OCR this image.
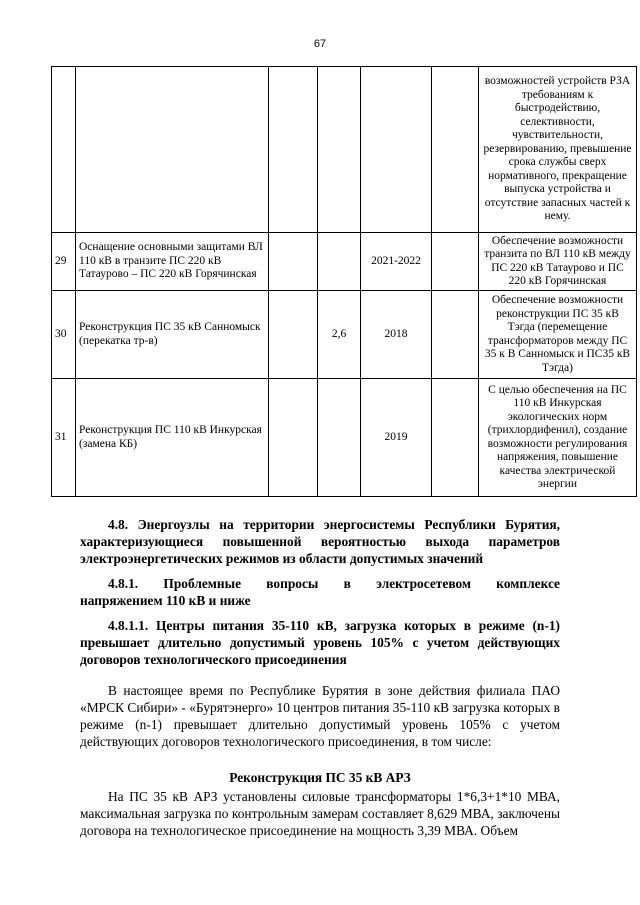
67
						возможностей устройств РЗА требованиям к быстродействию, селективности, чувствительности, резервированию, превышение срока службы сверх нормативного, прекращение выпуска устройства и отсутствие запасных частей к нему.
29	Оснащение основными защитами ВЛ 110 кВ в транзите ПС 220 кВ Татаурово – ПС 220 кВ Горячинская			2021-2022		Обеспечение возможности транзита по ВЛ 110 кВ между ПС 220 кВ Татаурово и ПС 220 кВ Горячинская
30	Реконструкция ПС 35 кВ Санномыск (перекатка тр-в)		2,6	2018		Обеспечение возможности реконструкции ПС 35 кВ Тэгда (перемещение трансформаторов между ПС 35 к В Санномыск и ПС35 кВ Тэгда)
31	Реконструкция ПС 110 кВ Инкурская (замена КБ)			2019		С целью обеспечения на ПС 110 кВ Инкурская экологических норм (трихлордифенил), создание возможности регулирования напряжения, повышение качества электрической энергии
4.8. Энергоузлы на территории энергосистемы Республики Бурятия, характеризующиеся повышенной вероятностью выхода параметров электроэнергетических режимов из области допустимых значений
4.8.1. Проблемные вопросы в электросетевом комплексе
напряжением 110 кВ и ниже
4.8.1.1. Центры питания 35-110 кВ, загрузка которых в режиме (n-1) превышает длительно допустимый уровень 105% с учетом действующих договоров технологического присоединения
В настоящее время по Республике Бурятия в зоне действия филиала ПАО «МРСК Сибири» - «Бурятэнерго» 10 центров питания 35-110 кВ загрузка которых в режиме (n-1) превышает длительно допустимый уровень 105% с учетом действующих договоров технологического присоединения, в том числе:
Реконструкция ПС 35 кВ АРЗ
На ПС 35 кВ АРЗ установлены силовые трансформаторы 1*6,3+1*10 МВА, максимальная загрузка по контрольным замерам составляет 8,629 МВА, заключены договора на технологическое присоединение на мощность 3,39 МВА. Объем
